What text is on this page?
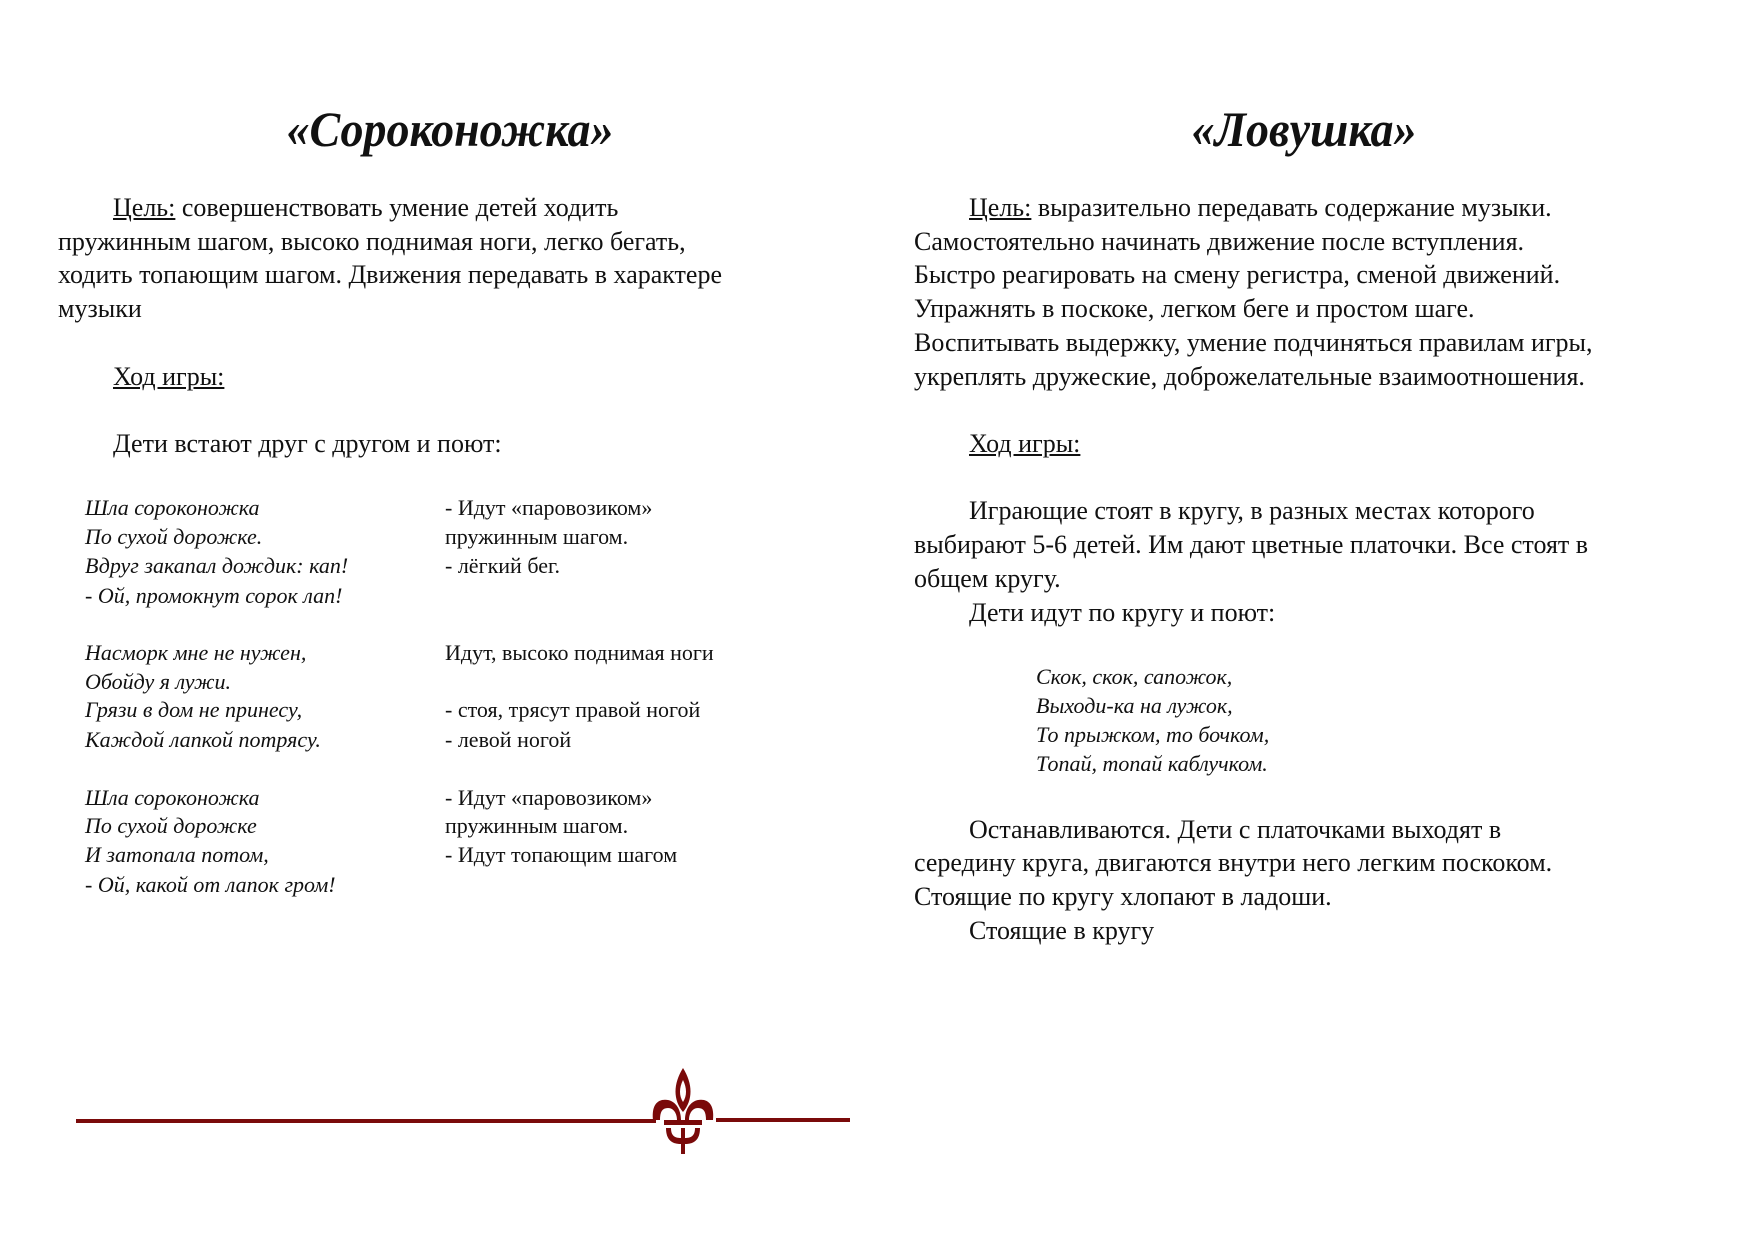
«Сороконожка»
Цель: совершенствовать умение детей ходить
пружинным шагом, высоко поднимая ноги, легко бегать,
ходить топающим шагом. Движения передавать в характере
музыки
Ход игры:
Дети встают друг с другом и поют:
Шла сороконожка
По сухой дорожке.
Вдруг закапал дождик: кап!
- Ой, промокнут сорок лап!
Насморк мне не нужен,
Обойду я лужи.
Грязи в дом не принесу,
Каждой лапкой потрясу.
Шла сороконожка
По сухой дорожке
И затопала потом,
- Ой, какой от лапок гром!
- Идут «паровозиком»
пружинным шагом.
- лёгкий бег.
Идут, высоко поднимая ноги
- стоя, трясут правой ногой
- левой ногой
- Идут «паровозиком»
пружинным шагом.
- Идут топающим шагом
«Ловушка»
Цель: выразительно передавать содержание музыки.
Самостоятельно начинать движение после вступления.
Быстро реагировать на смену регистра, сменой движений.
Упражнять в поскоке, легком беге и простом шаге.
Воспитывать выдержку, умение подчиняться правилам игры,
укреплять дружеские, доброжелательные взаимоотношения.
Ход игры:
Играющие стоят в кругу, в разных местах которого
выбирают 5-6 детей. Им дают цветные платочки. Все стоят в
общем кругу.
Дети идут по кругу и поют:
Скок, скок, сапожок,
Выходи-ка на лужок,
То прыжком, то бочком,
Топай, топай каблучком.
Останавливаются. Дети с платочками выходят в
середину круга, двигаются внутри него легким поскоком.
Стоящие по кругу хлопают в ладоши.
Стоящие в кругу
